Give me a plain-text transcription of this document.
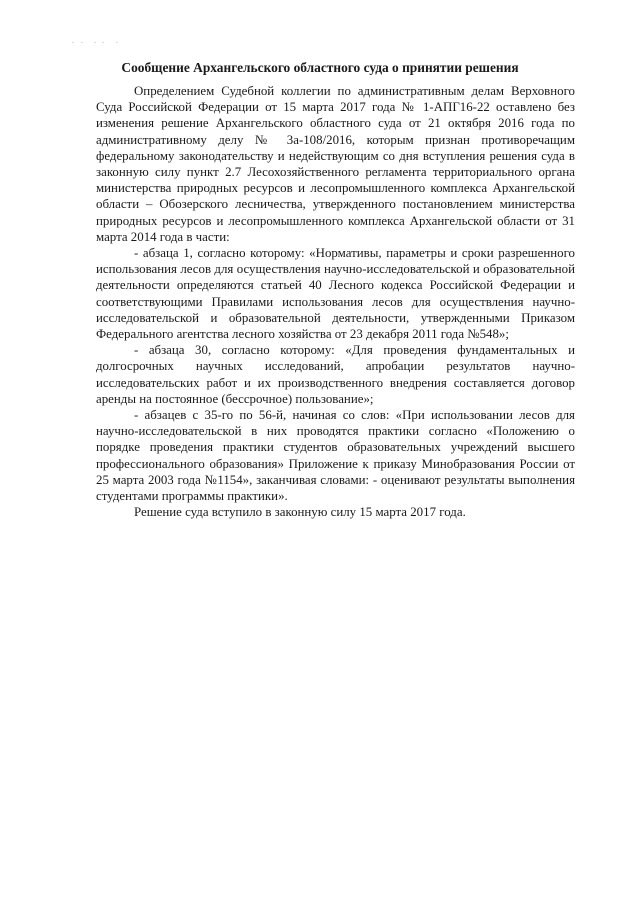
Сообщение Архангельского областного суда о принятии решения

Определением Судебной коллегии по административным делам Верховного Суда Российской Федерации от 15 марта 2017 года № 1-АПГ16-22 оставлено без изменения решение Архангельского областного суда от 21 октября 2016 года по административному делу № 3а-108/2016, которым признан противоречащим федеральному законодательству и недействующим со дня вступления решения суда в законную силу пункт 2.7 Лесохозяйственного регламента территориального органа министерства природных ресурсов и лесопромышленного комплекса Архангельской области – Обозерского лесничества, утвержденного постановлением министерства природных ресурсов и лесопромышленного комплекса Архангельской области от 31 марта 2014 года в части:

- абзаца 1, согласно которому: «Нормативы, параметры и сроки разрешенного использования лесов для осуществления научно-исследовательской и образовательной деятельности определяются статьей 40 Лесного кодекса Российской Федерации и соответствующими Правилами использования лесов для осуществления научно-исследовательской и образовательной деятельности, утвержденными Приказом Федерального агентства лесного хозяйства от 23 декабря 2011 года №548»;

- абзаца 30, согласно которому: «Для проведения фундаментальных и долгосрочных научных исследований, апробации результатов научно-исследовательских работ и их производственного внедрения составляется договор аренды на постоянное (бессрочное) пользование»;

- абзацев с 35-го по 56-й, начиная со слов: «При использовании лесов для научно-исследовательской в них проводятся практики согласно «Положению о порядке проведения практики студентов образовательных учреждений высшего профессионального образования» Приложение к приказу Минобразования России от 25 марта 2003 года №1154», заканчивая словами: - оценивают результаты выполнения студентами программы практики».

Решение суда вступило в законную силу 15 марта 2017 года.
